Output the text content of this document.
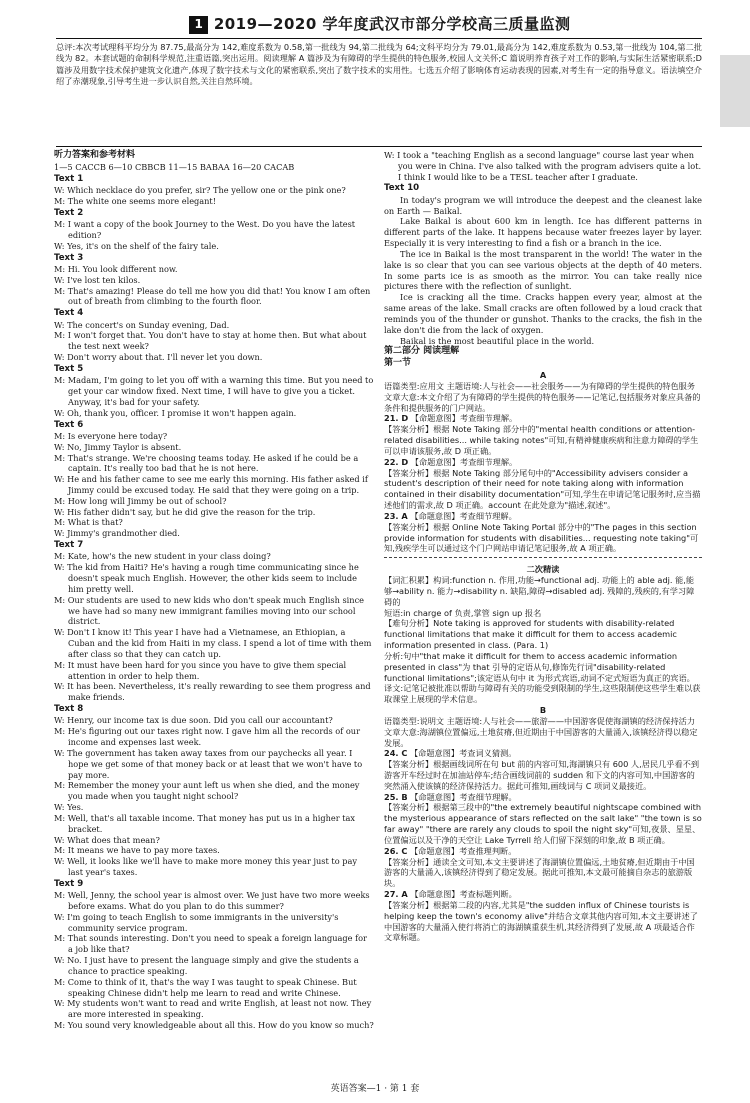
1 2019—2020 学年度武汉市部分学校高三质量监测
总评:本次考试理科平均分为 87.75,最高分为 142,难度系数为 0.58,第一批线为 94,第二批线为 64;文科平均分为 79.01,最高分为 142,难度系数为 0.53,第一批线为 104,第二批线为 82。本套试题的命制科学规范,注重语篇,突出运用。阅读理解 A 篇涉及为有障碍的学生提供的特色服务,校园人文关怀;C 篇说明养育孩子对工作的影响,与实际生活紧密联系;D 篇涉及用数字技术保护建筑文化遗产,体现了数字技术与文化的紧密联系,突出了数字技术的实用性。七选五介绍了影响体育运动表现的因素,对考生有一定的指导意义。语法填空介绍了赤潮现象,引导考生进一步认识自然,关注自然环境。
听力答案和参考材料
1—5 CACCB 6—10 CBBCB 11—15 BABAA 16—20 CACAB
Text 1
W: Which necklace do you prefer, sir? The yellow one or the pink one?
M: The white one seems more elegant!
Text 2
M: I want a copy of the book Journey to the West. Do you have the latest edition?
W: Yes, it's on the shelf of the fairy tale.
Text 3
M: Hi. You look different now.
W: I've lost ten kilos.
M: That's amazing! Please do tell me how you did that! You know I am often out of breath from climbing to the fourth floor.
Text 4
W: The concert's on Sunday evening, Dad.
M: I won't forget that. You don't have to stay at home then. But what about the test next week?
W: Don't worry about that. I'll never let you down.
Text 5
M: Madam, I'm going to let you off with a warning this time. But you need to get your car window fixed. Next time, I will have to give you a ticket. Anyway, it's bad for your safety.
W: Oh, thank you, officer. I promise it won't happen again.
Text 6
M: Is everyone here today?
W: No, Jimmy Taylor is absent.
M: That's strange. We're choosing teams today. He asked if he could be a captain. It's really too bad that he is not here.
W: He and his father came to see me early this morning. His father asked if Jimmy could be excused today. He said that they were going on a trip.
M: How long will Jimmy be out of school?
W: His father didn't say, but he did give the reason for the trip.
M: What is that?
W: Jimmy's grandmother died.
Text 7
M: Kate, how's the new student in your class doing?
W: The kid from Haiti? He's having a rough time communicating since he doesn't speak much English. However, the other kids seem to include him pretty well.
M: Our students are used to new kids who don't speak much English since we have had so many new immigrant families moving into our school district.
W: Don't I know it! This year I have had a Vietnamese, an Ethiopian, a Cuban and the kid from Haiti in my class. I spend a lot of time with them after class so that they can catch up.
M: It must have been hard for you since you have to give them special attention in order to help them.
W: It has been. Nevertheless, it's really rewarding to see them progress and make friends.
Text 8
W: Henry, our income tax is due soon. Did you call our accountant?
M: He's figuring out our taxes right now. I gave him all the records of our income and expenses last week.
W: The government has taken away taxes from our paychecks all year. I hope we get some of that money back or at least that we won't have to pay more.
M: Remember the money your aunt left us when she died, and the money you made when you taught night school?
W: Yes.
M: Well, that's all taxable income. That money has put us in a higher tax bracket.
W: What does that mean?
M: It means we have to pay more taxes.
W: Well, it looks like we'll have to make more money this year just to pay last year's taxes.
Text 9
M: Well, Jenny, the school year is almost over. We just have two more weeks before exams. What do you plan to do this summer?
W: I'm going to teach English to some immigrants in the university's community service program.
M: That sounds interesting. Don't you need to speak a foreign language for a job like that?
W: No. I just have to present the language simply and give the students a chance to practice speaking.
M: Come to think of it, that's the way I was taught to speak Chinese. But speaking Chinese didn't help me learn to read and write Chinese.
W: My students won't want to read and write English, at least not now. They are more interested in speaking.
M: You sound very knowledgeable about all this. How do you know so much?
W: I took a "teaching English as a second language" course last year when you were in China. I've also talked with the program advisers quite a lot. I think I would like to be a TESL teacher after I graduate.
Text 10
In today's program we will introduce the deepest and the cleanest lake on Earth — Baikal.
Lake Baikal is about 600 km in length. Ice has different patterns in different parts of the lake. It happens because water freezes layer by layer. Especially it is very interesting to find a fish or a branch in the ice.
The ice in Baikal is the most transparent in the world! The water in the lake is so clear that you can see various objects at the depth of 40 meters. In some parts ice is as smooth as the mirror. You can take really nice pictures there with the reflection of sunlight.
Ice is cracking all the time. Cracks happen every year, almost at the same areas of the lake. Small cracks are often followed by a loud crack that reminds you of the thunder or gunshot. Thanks to the cracks, the fish in the lake don't die from the lack of oxygen.
Baikal is the most beautiful place in the world.
第二部分 阅读理解
第一节
A
语篇类型:应用文 主题语境:人与社会——社会服务——为有障碍的学生提供的特色服务
文章大意:本文介绍了为有障碍的学生提供的特色服务——记笔记,包括服务对象应具备的条件和提供服务的门户网站。
21. D 【命题意图】考查细节理解。
【答案分析】根据 Note Taking 部分中的"mental health conditions or attention-related disabilities... while taking notes"可知,有精神健康疾病和注意力障碍的学生可以申请该服务,故 D 项正确。
22. D 【命题意图】考查细节理解。
【答案分析】根据 Note Taking 部分尾句中的"Accessibility advisers consider a student's description of their need for note taking along with information contained in their disability documentation"可知,学生在申请记笔记服务时,应当描述他们的需求,故 D 项正确。account 在此处意为"描述,叙述"。
23. A 【命题意图】考查细节理解。
【答案分析】根据 Online Note Taking Portal 部分中的"The pages in this section provide information for students with disabilities... requesting note taking"可知,残疾学生可以通过这个门户网站申请记笔记服务,故 A 项正确。
二次精读
【词汇积累】构词:function n. 作用,功能→functional adj. 功能上的 able adj. 能,能够→ability n. 能力→disability n. 缺陷,障碍→disabled adj. 残障的,残疾的,有学习障碍的
短语:in charge of 负责,掌管 sign up 报名
【难句分析】Note taking is approved for students with disability-related functional limitations that make it difficult for them to access academic information presented in class. (Para. 1)
分析:句中"that make it difficult for them to access academic information presented in class"为 that 引导的定语从句,修饰先行词"disability-related functional limitations";该定语从句中 it 为形式宾语,动词不定式短语为真正的宾语。
译文:记笔记被批准以帮助与障碍有关的功能受到限制的学生,这些限制使这些学生难以获取课堂上展现的学术信息。
B
语篇类型:说明文 主题语境:人与社会——旅游——中国游客促使海湖镇的经济保持活力
文章大意:海湖镇位置偏远,土地贫瘠,但近期由于中国游客的大量涌入,该镇经济得以稳定发展。
24. C 【命题意图】考查词义猜测。
【答案分析】根据画线词所在句 but 前的内容可知,海湖镇只有 600 人,居民几乎看不到游客开车经过时在加油站停车;结合画线词前的 sudden 和下文的内容可知,中国游客的突然涌入使该镇的经济保持活力。据此可推知,画线词与 C 项词义最接近。
25. B 【命题意图】考查细节理解。
【答案分析】根据第三段中的"the extremely beautiful nightscape combined with the mysterious appearance of stars reflected on the salt lake" "the town is so far away" "there are rarely any clouds to spoil the night sky"可知,夜景、星星、位置偏远以及干净的天空让 Lake Tyrrell 给人们留下深刻的印象,故 B 项正确。
26. C 【命题意图】考查推理判断。
【答案分析】通读全文可知,本文主要讲述了海湖镇位置偏远,土地贫瘠,但近期由于中国游客的大量涌入,该镇经济得到了稳定发展。据此可推知,本文最可能摘自杂志的旅游版块。
27. A 【命题意图】考查标题判断。
【答案分析】根据第二段的内容,尤其是"the sudden influx of Chinese tourists is helping keep the town's economy alive"并结合文章其他内容可知,本文主要讲述了中国游客的大量涌入使行将消亡的海湖镇重获生机,其经济得到了发展,故 A 项最适合作文章标题。
英语答案—1 · 第 1 套
